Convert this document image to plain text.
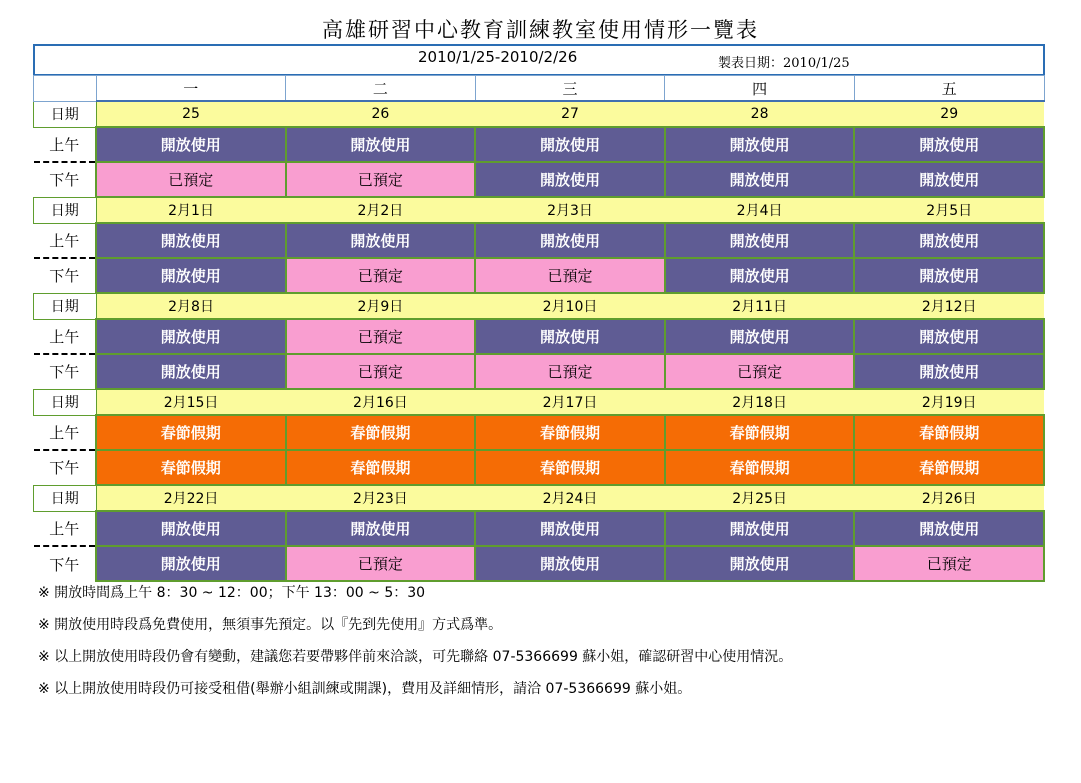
高雄研習中心教育訓練教室使用情形一覽表
2010/1/25-2010/2/26	製表日期：2010/1/25
	一	二	三	四	五
日期	25	26	27	28	29
上午	開放使用	開放使用	開放使用	開放使用	開放使用
下午	已預定	已預定	開放使用	開放使用	開放使用
日期	2月1日	2月2日	2月3日	2月4日	2月5日
上午	開放使用	開放使用	開放使用	開放使用	開放使用
下午	開放使用	已預定	已預定	開放使用	開放使用
日期	2月8日	2月9日	2月10日	2月11日	2月12日
上午	開放使用	已預定	開放使用	開放使用	開放使用
下午	開放使用	已預定	已預定	已預定	開放使用
日期	2月15日	2月16日	2月17日	2月18日	2月19日
上午	春節假期	春節假期	春節假期	春節假期	春節假期
下午	春節假期	春節假期	春節假期	春節假期	春節假期
日期	2月22日	2月23日	2月24日	2月25日	2月26日
上午	開放使用	開放使用	開放使用	開放使用	開放使用
下午	開放使用	已預定	開放使用	開放使用	已預定
※ 開放時間爲上午 8：30 ~ 12：00；下午 13：00 ~ 5：30
※ 開放使用時段爲免費使用，無須事先預定。以『先到先使用』方式爲準。
※ 以上開放使用時段仍會有變動，建議您若要帶夥伴前來洽談，可先聯絡 07-5366699 蘇小姐，確認研習中心使用情況。
※ 以上開放使用時段仍可接受租借(舉辦小組訓練或開課)，費用及詳細情形，請洽 07-5366699 蘇小姐。
